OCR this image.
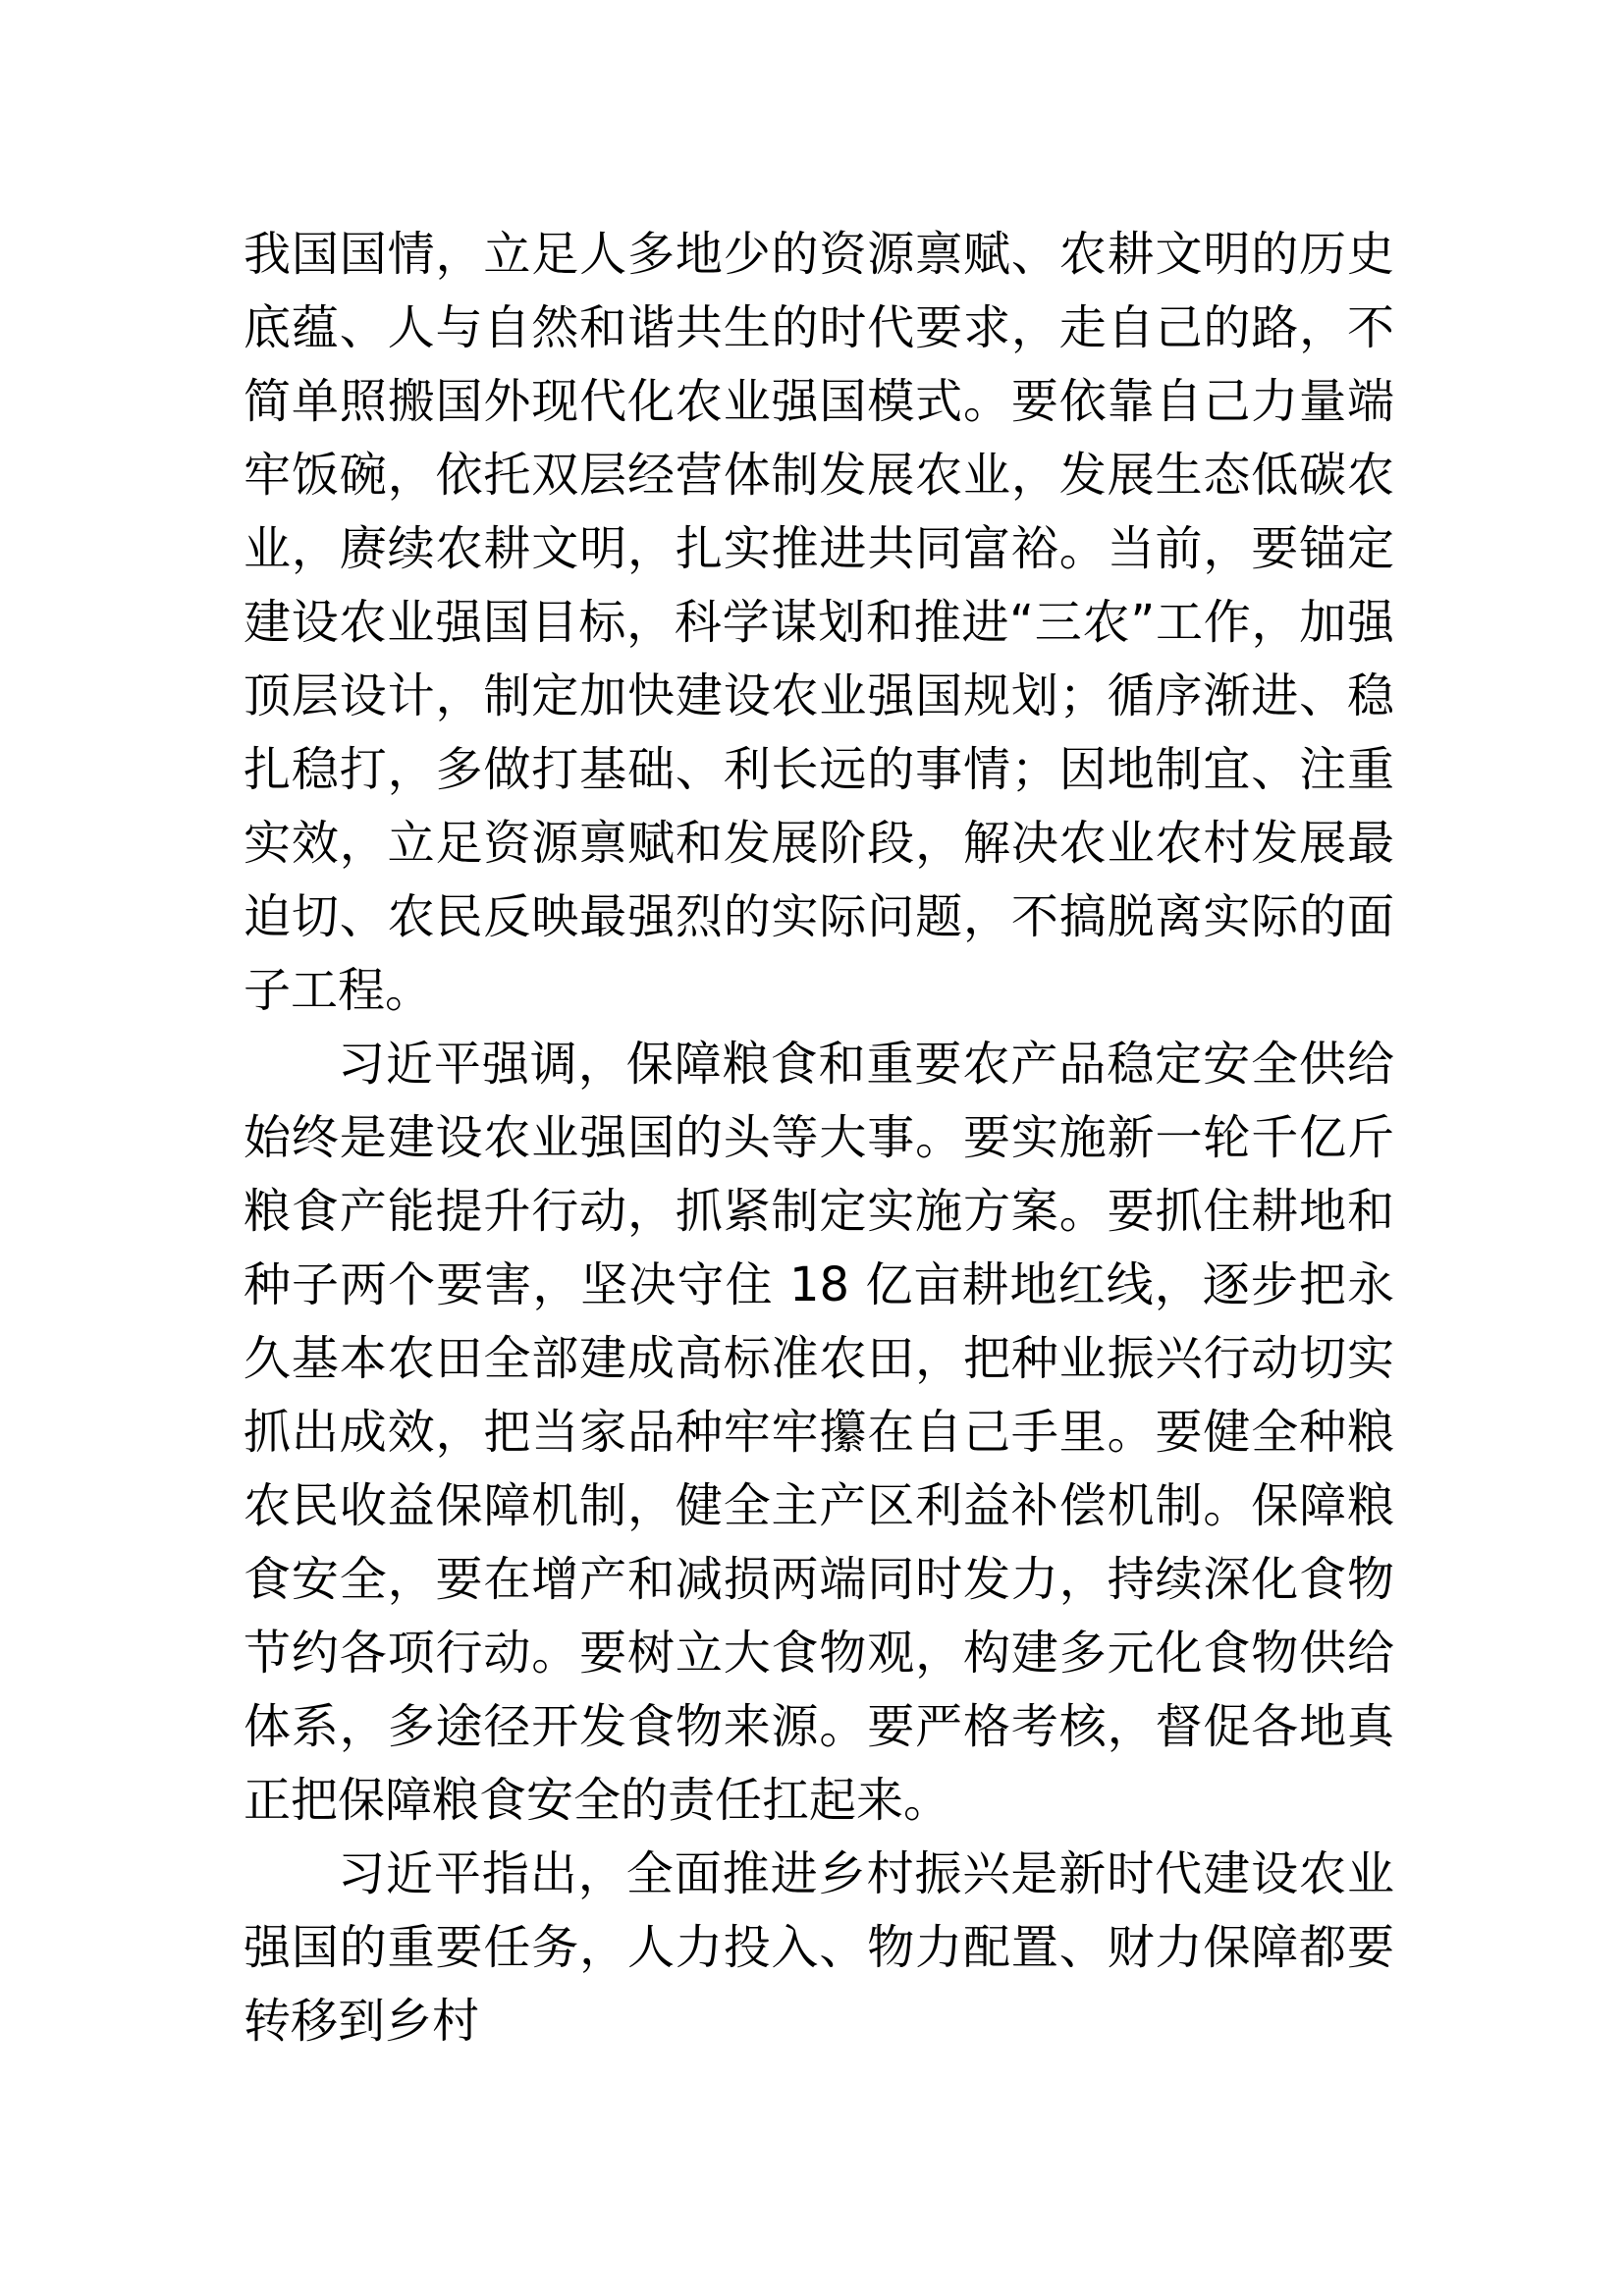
我国国情，立足人多地少的资源禀赋、农耕文明的历史底蕴、人与自然和谐共生的时代要求，走自己的路，不简单照搬国外现代化农业强国模式。要依靠自己力量端牢饭碗，依托双层经营体制发展农业，发展生态低碳农业，赓续农耕文明，扎实推进共同富裕。当前，要锚定建设农业强国目标，科学谋划和推进“三农”工作，加强顶层设计，制定加快建设农业强国规划；循序渐进、稳扎稳打，多做打基础、利长远的事情；因地制宜、注重实效，立足资源禀赋和发展阶段，解决农业农村发展最迫切、农民反映最强烈的实际问题，不搞脱离实际的面子工程。

习近平强调，保障粮食和重要农产品稳定安全供给始终是建设农业强国的头等大事。要实施新一轮千亿斤粮食产能提升行动，抓紧制定实施方案。要抓住耕地和种子两个要害，坚决守住 18 亿亩耕地红线，逐步把永久基本农田全部建成高标准农田，把种业振兴行动切实抓出成效，把当家品种牢牢攥在自己手里。要健全种粮农民收益保障机制，健全主产区利益补偿机制。保障粮食安全，要在增产和减损两端同时发力，持续深化食物节约各项行动。要树立大食物观，构建多元化食物供给体系，多途径开发食物来源。要严格考核，督促各地真正把保障粮食安全的责任扛起来。

习近平指出，全面推进乡村振兴是新时代建设农业强国的重要任务，人力投入、物力配置、财力保障都要转移到乡村
